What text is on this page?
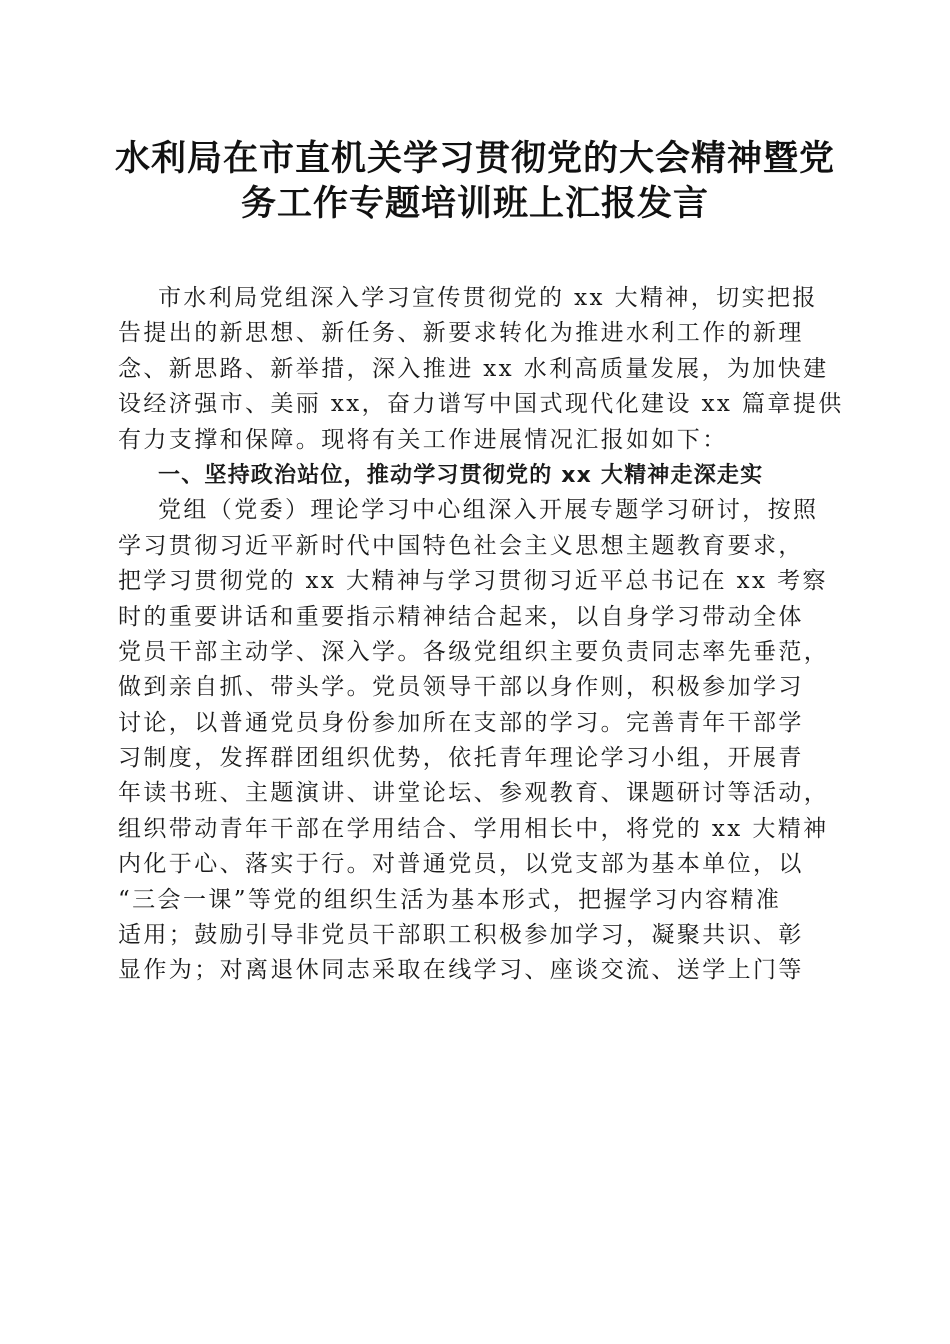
水利局在市直机关学习贯彻党的大会精神暨党
务工作专题培训班上汇报发言
市水利局党组深入学习宣传贯彻党的 xx 大精神，切实把报
告提出的新思想、新任务、新要求转化为推进水利工作的新理
念、新思路、新举措，深入推进 xx 水利高质量发展，为加快建
设经济强市、美丽 xx，奋力谱写中国式现代化建设 xx 篇章提供
有力支撑和保障。现将有关工作进展情况汇报如如下：
一、坚持政治站位，推动学习贯彻党的 xx 大精神走深走实
党组（党委）理论学习中心组深入开展专题学习研讨，按照
学习贯彻习近平新时代中国特色社会主义思想主题教育要求，
把学习贯彻党的 xx 大精神与学习贯彻习近平总书记在 xx 考察
时的重要讲话和重要指示精神结合起来，以自身学习带动全体
党员干部主动学、深入学。各级党组织主要负责同志率先垂范，
做到亲自抓、带头学。党员领导干部以身作则，积极参加学习
讨论，以普通党员身份参加所在支部的学习。完善青年干部学
习制度，发挥群团组织优势，依托青年理论学习小组，开展青
年读书班、主题演讲、讲堂论坛、参观教育、课题研讨等活动，
组织带动青年干部在学用结合、学用相长中，将党的 xx 大精神
内化于心、落实于行。对普通党员，以党支部为基本单位，以
“三会一课”等党的组织生活为基本形式，把握学习内容精准
适用；鼓励引导非党员干部职工积极参加学习，凝聚共识、彰
显作为；对离退休同志采取在线学习、座谈交流、送学上门等
